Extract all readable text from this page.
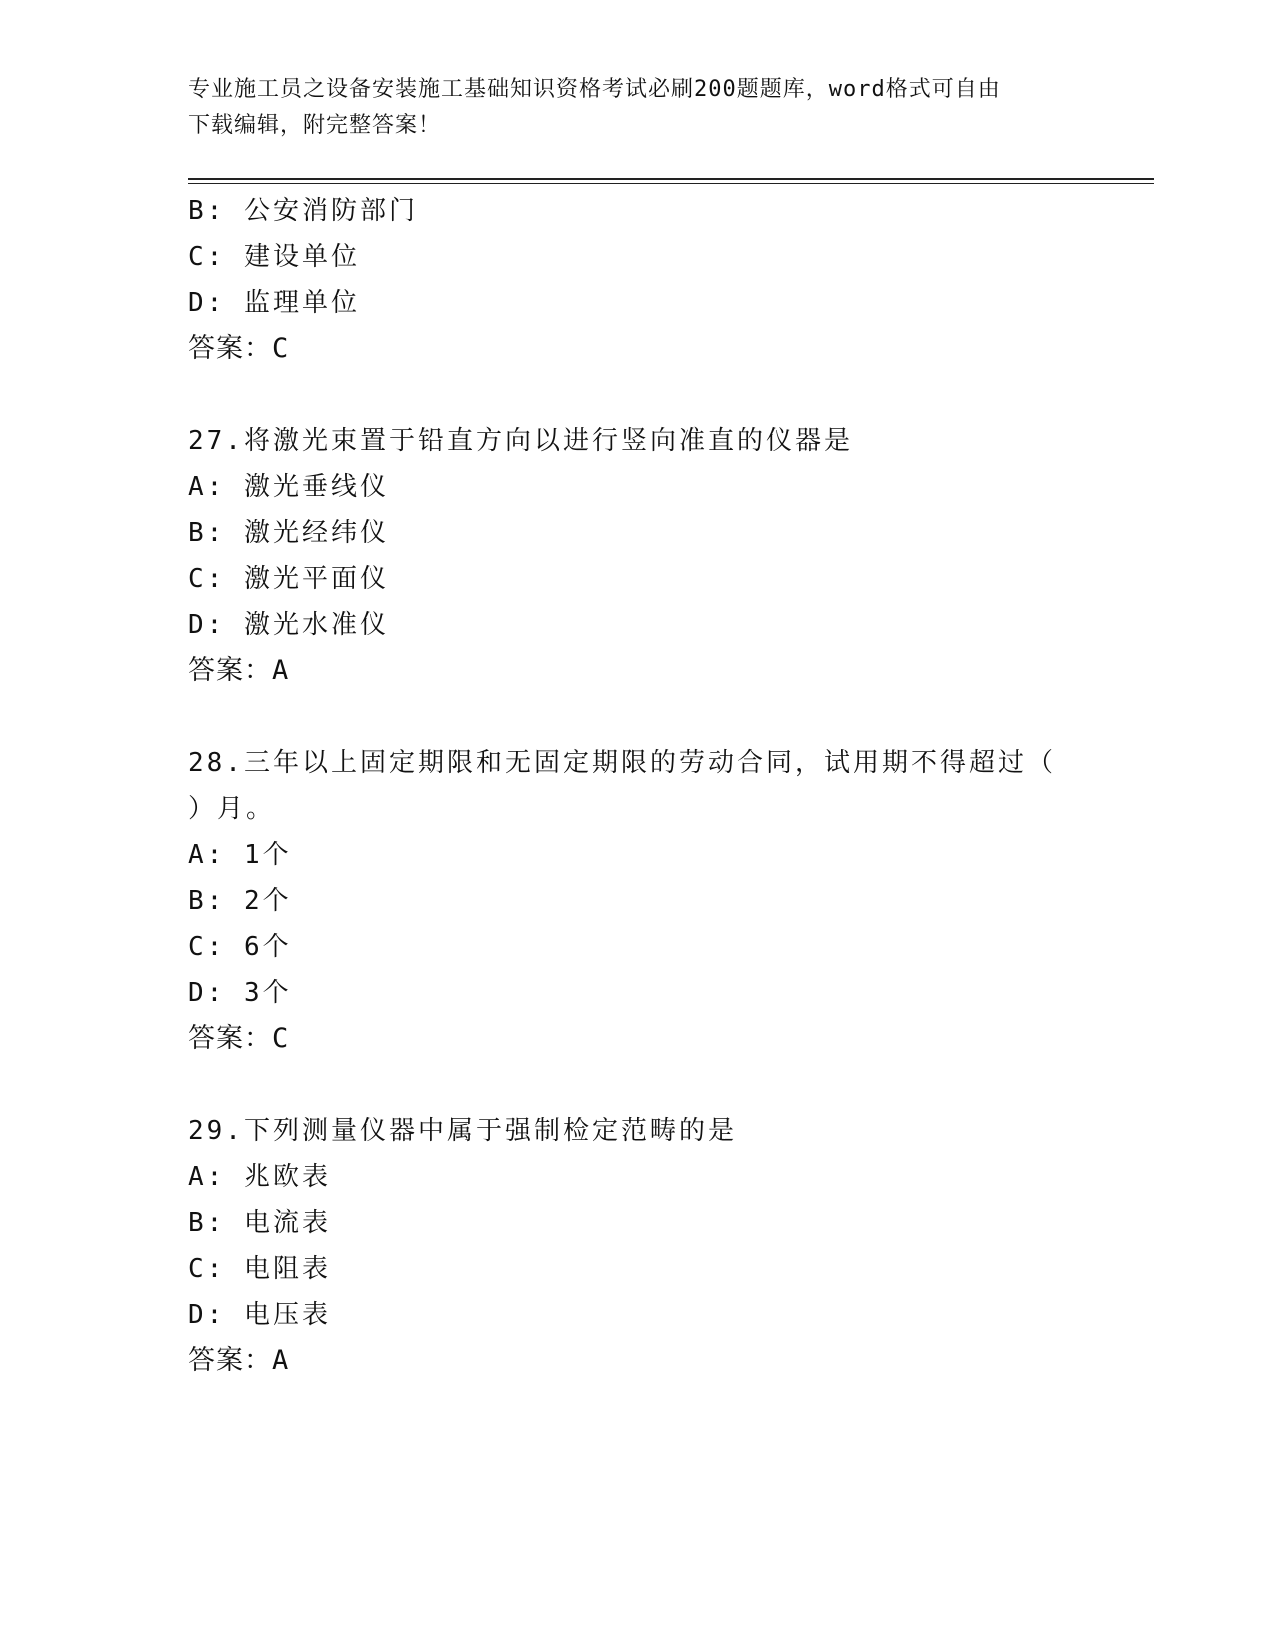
专业施工员之设备安装施工基础知识资格考试必刷200题题库，word格式可自由
下载编辑，附完整答案！
B: 公安消防部门
C: 建设单位
D: 监理单位
答案：C
27.将激光束置于铅直方向以进行竖向准直的仪器是
A: 激光垂线仪
B: 激光经纬仪
C: 激光平面仪
D: 激光水准仪
答案：A
28.三年以上固定期限和无固定期限的劳动合同，试用期不得超过（
）月。
A: 1个
B: 2个
C: 6个
D: 3个
答案：C
29.下列测量仪器中属于强制检定范畴的是
A: 兆欧表
B: 电流表
C: 电阻表
D: 电压表
答案：A
